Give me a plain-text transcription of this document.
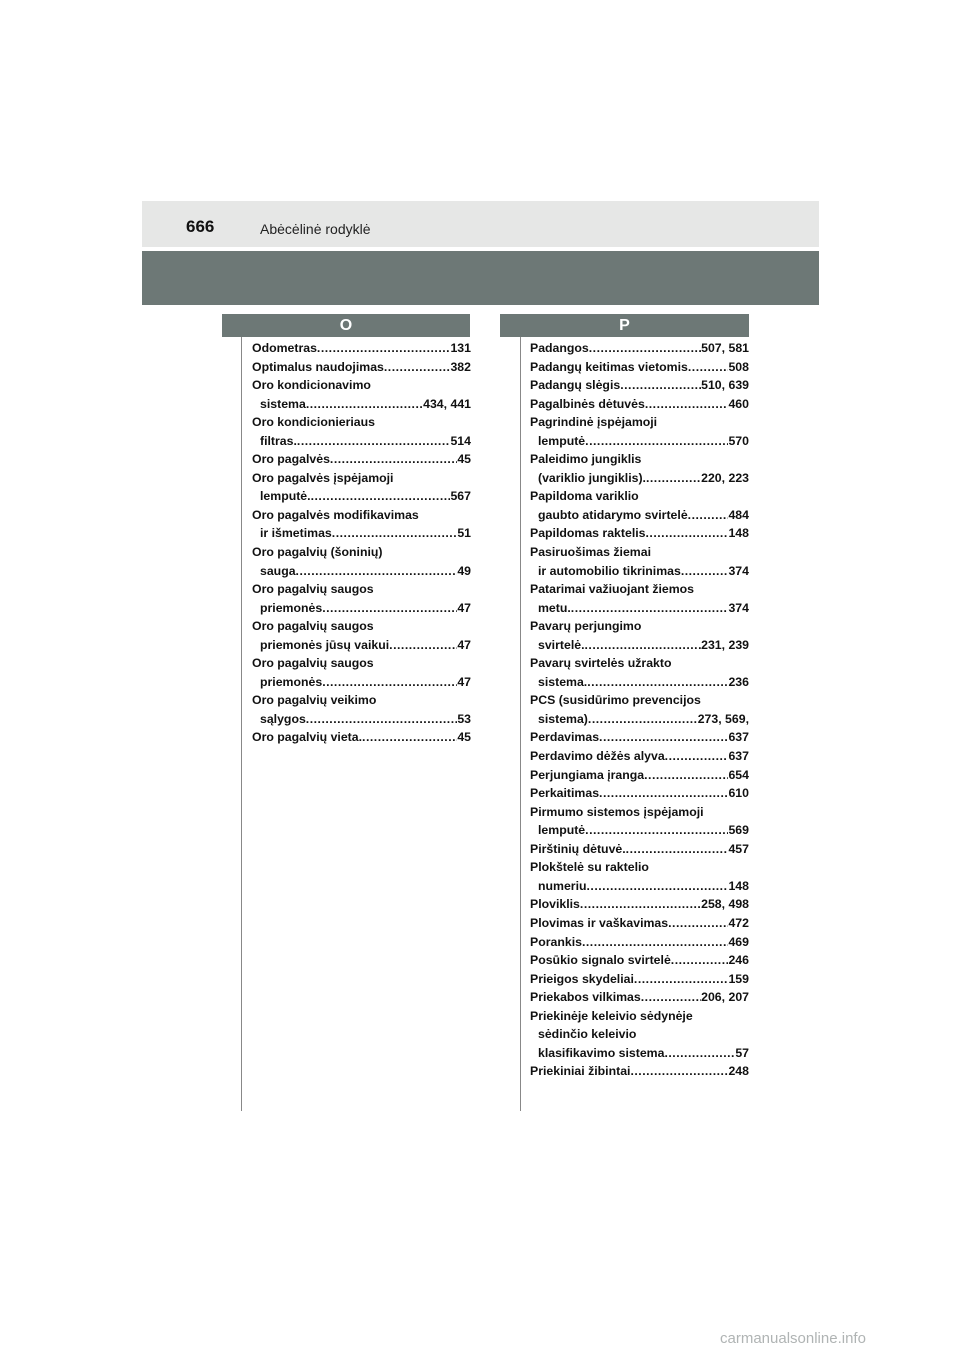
666	Abėcėlinė rodyklė
O	P
Odometras .....	131
Optimalus naudojimas .....	382
Oro kondicionavimo
sistema .....	434, 441
Oro kondicionieriaus
filtras. .....	514
Oro pagalvės .....	45
Oro pagalvės įspėjamoji
lemputė. .....	567
Oro pagalvės modifikavimas
ir išmetimas .....	51
Oro pagalvių (šoninių)
sauga .....	49
Oro pagalvių saugos
priemonės .....	47
Oro pagalvių saugos
priemonės jūsų vaikui .....	47
Oro pagalvių saugos
priemonės .....	47
Oro pagalvių veikimo
sąlygos .....	53
Oro pagalvių vieta. .....	45
Padangos .....	507, 581
Padangų keitimas vietomis .....	508
Padangų slėgis .....	510, 639
Pagalbinės dėtuvės .....	460
Pagrindinė įspėjamoji
lemputė .....	570
Paleidimo jungiklis
(variklio jungiklis). .....	220, 223
Papildoma variklio
gaubto atidarymo svirtelė .....	484
Papildomas raktelis .....	148
Pasiruošimas žiemai
ir automobilio tikrinimas .....	374
Patarimai važiuojant žiemos
metu. .....	374
Pavarų perjungimo
svirtelė. .....	231, 239
Pavarų svirtelės užrakto
sistema. .....	236
PCS (susidūrimo prevencijos
sistema) .....	273, 569,
Perdavimas .....	637
Perdavimo dėžės alyva .....	637
Perjungiama įranga .....	654
Perkaitimas .....	610
Pirmumo sistemos įspėjamoji
lemputė .....	569
Pirštinių dėtuvė. .....	457
Plokštelė su raktelio
numeriu .....	148
Ploviklis .....	258, 498
Plovimas ir vaškavimas .....	472
Porankis .....	469
Posūkio signalo svirtelė .....	246
Prieigos skydeliai .....	159
Priekabos vilkimas .....	206, 207
Priekinėje keleivio sėdynėje
sėdinčio keleivio
klasifikavimo sistema .....	57
Priekiniai žibintai .....	248
carmanualsonline.info
